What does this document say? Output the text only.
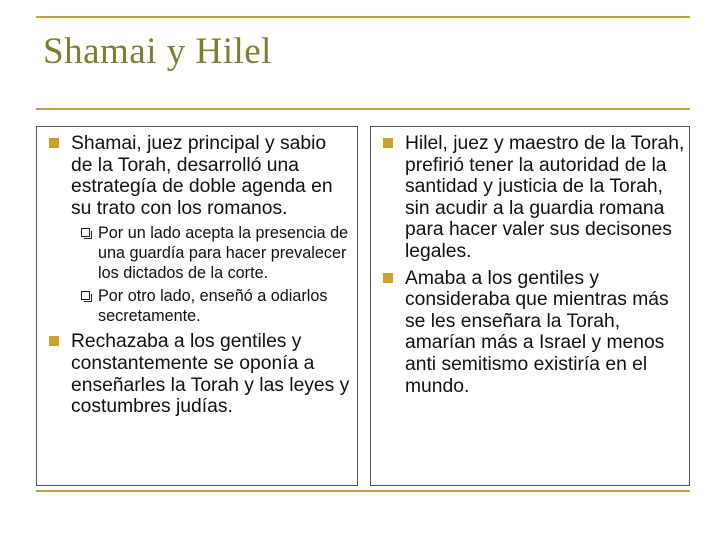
Shamai y Hilel
Shamai, juez principal y sabio de la Torah, desarrolló una estrategía de doble agenda en su trato con los romanos.
Por un lado acepta la presencia de una guardía para hacer prevalecer los dictados de la corte.
Por otro lado, enseñó a odiarlos secretamente.
Rechazaba a los gentiles y constantemente se oponía a enseñarles la Torah y las leyes y costumbres judías.
Hilel, juez y maestro de la Torah, prefirió tener la autoridad de la santidad y justicia de la Torah, sin acudir a la guardia romana para hacer valer sus decisones legales.
Amaba a los gentiles y consideraba que mientras más se les enseñara la Torah, amarían más a Israel y menos anti semitismo existiría en el mundo.
